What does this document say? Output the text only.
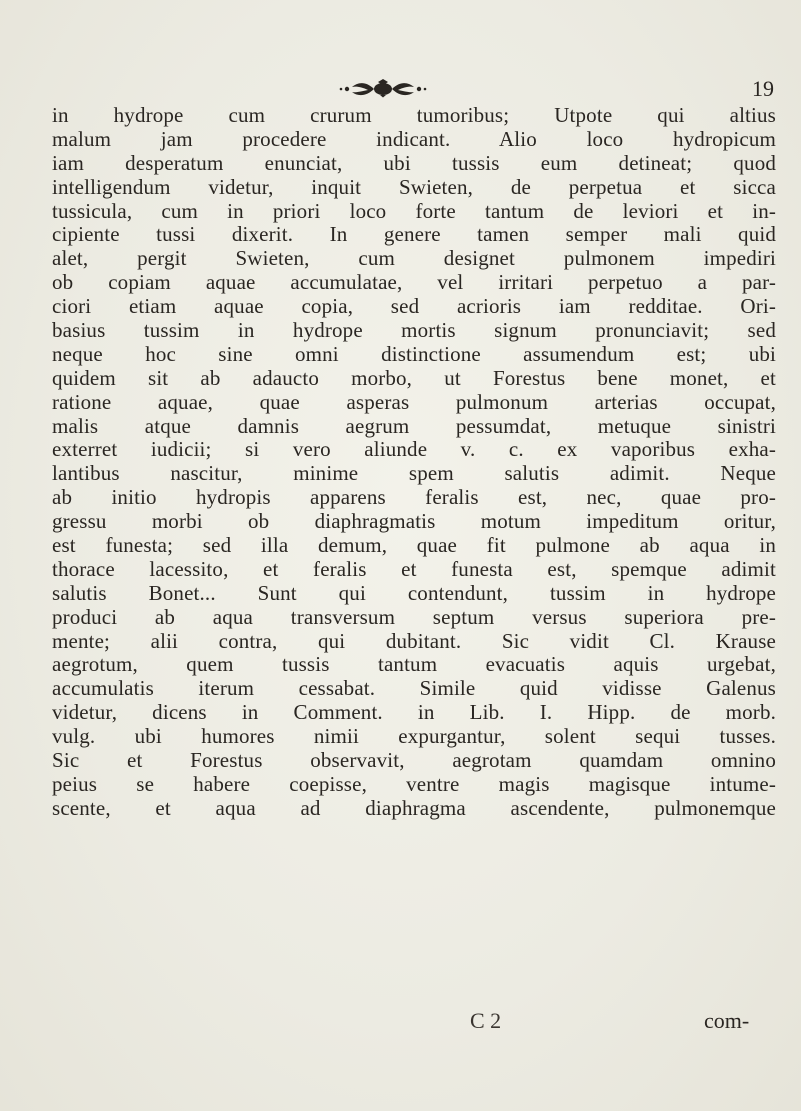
19
in hydrope cum crurum tumoribus; Utpote qui altius
malum jam procedere indicant. Alio loco hydropicum
iam desperatum enunciat, ubi tussis eum detineat; quod
intelligendum videtur, inquit Swieten, de perpetua et sicca
tussicula, cum in priori loco forte tantum de leviori et in-
cipiente tussi dixerit. In genere tamen semper mali quid
alet, pergit Swieten, cum designet pulmonem impediri
ob copiam aquae accumulatae, vel irritari perpetuo a par-
ciori etiam aquae copia, sed acrioris iam redditae. Ori-
basius tussim in hydrope mortis signum pronunciavit; sed
neque hoc sine omni distinctione assumendum est; ubi
quidem sit ab adaucto morbo, ut Forestus bene monet, et
ratione aquae, quae asperas pulmonum arterias occupat,
malis atque damnis aegrum pessumdat, metuque sinistri
exterret iudicii; si vero aliunde v. c. ex vaporibus exha-
lantibus nascitur, minime spem salutis adimit. Neque
ab initio hydropis apparens feralis est, nec, quae pro-
gressu morbi ob diaphragmatis motum impeditum oritur,
est funesta; sed illa demum, quae fit pulmone ab aqua in
thorace lacessito, et feralis et funesta est, spemque adimit
salutis Bonet... Sunt qui contendunt, tussim in hydrope
produci ab aqua transversum septum versus superiora pre-
mente; alii contra, qui dubitant. Sic vidit Cl. Krause
aegrotum, quem tussis tantum evacuatis aquis urgebat,
accumulatis iterum cessabat. Simile quid vidisse Galenus
videtur, dicens in Comment. in Lib. I. Hipp. de morb.
vulg. ubi humores nimii expurgantur, solent sequi tusses.
Sic et Forestus observavit, aegrotam quamdam omnino
peius se habere coepisse, ventre magis magisque intume-
scente, et aqua ad diaphragma ascendente, pulmonemque
C 2	com-
